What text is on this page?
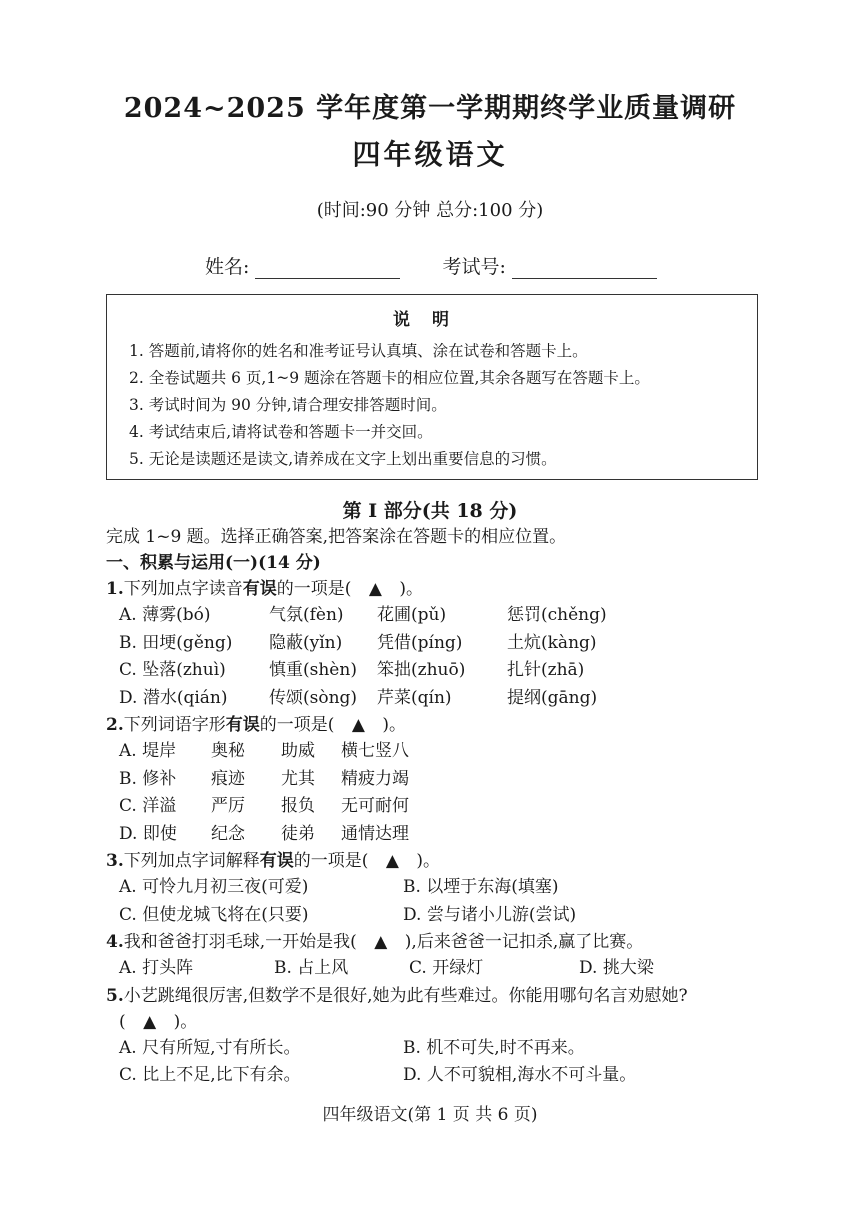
2024~2025 学年度第一学期期终学业质量调研
四年级语文
(时间:90 分钟 总分:100 分)
姓名:	考试号:
说明
1. 答题前,请将你的姓名和准考证号认真填、涂在试卷和答题卡上。
2. 全卷试题共 6 页,1~9 题涂在答题卡的相应位置,其余各题写在答题卡上。
3. 考试时间为 90 分钟,请合理安排答题时间。
4. 考试结束后,请将试卷和答题卡一并交回。
5. 无论是读题还是读文,请养成在文字上划出重要信息的习惯。
第 Ⅰ 部分(共 18 分)
完成 1~9 题。选择正确答案,把答案涂在答题卡的相应位置。
一、积累与运用(一)(14 分)
1.下列加点字读音有误的一项是( ▲ )。
A. 薄雾(bó)	气氛(fèn)	花圃(pǔ)	惩罚(chěng)
B. 田埂(gěng)	隐蔽(yǐn)	凭借(píng)	土炕(kàng)
C. 坠落(zhuì)	慎重(shèn)	笨拙(zhuō)	扎针(zhā)
D. 潜水(qián)	传颂(sòng)	芹菜(qín)	提纲(gāng)
2.下列词语字形有误的一项是( ▲ )。
A. 堤岸	奥秘	助威	横七竖八
B. 修补	痕迹	尤其	精疲力竭
C. 洋溢	严厉	报负	无可耐何
D. 即使	纪念	徒弟	通情达理
3.下列加点字词解释有误的一项是( ▲ )。
A. 可怜九月初三夜(可爱)	B. 以堙于东海(填塞)
C. 但使龙城飞将在(只要)	D. 尝与诸小儿游(尝试)
4.我和爸爸打羽毛球,一开始是我( ▲ ),后来爸爸一记扣杀,赢了比赛。
A. 打头阵	B. 占上风	C. 开绿灯	D. 挑大梁
5.小艺跳绳很厉害,但数学不是很好,她为此有些难过。你能用哪句名言劝慰她?
( ▲ )。
A. 尺有所短,寸有所长。	B. 机不可失,时不再来。
C. 比上不足,比下有余。	D. 人不可貌相,海水不可斗量。
四年级语文(第 1 页 共 6 页)
